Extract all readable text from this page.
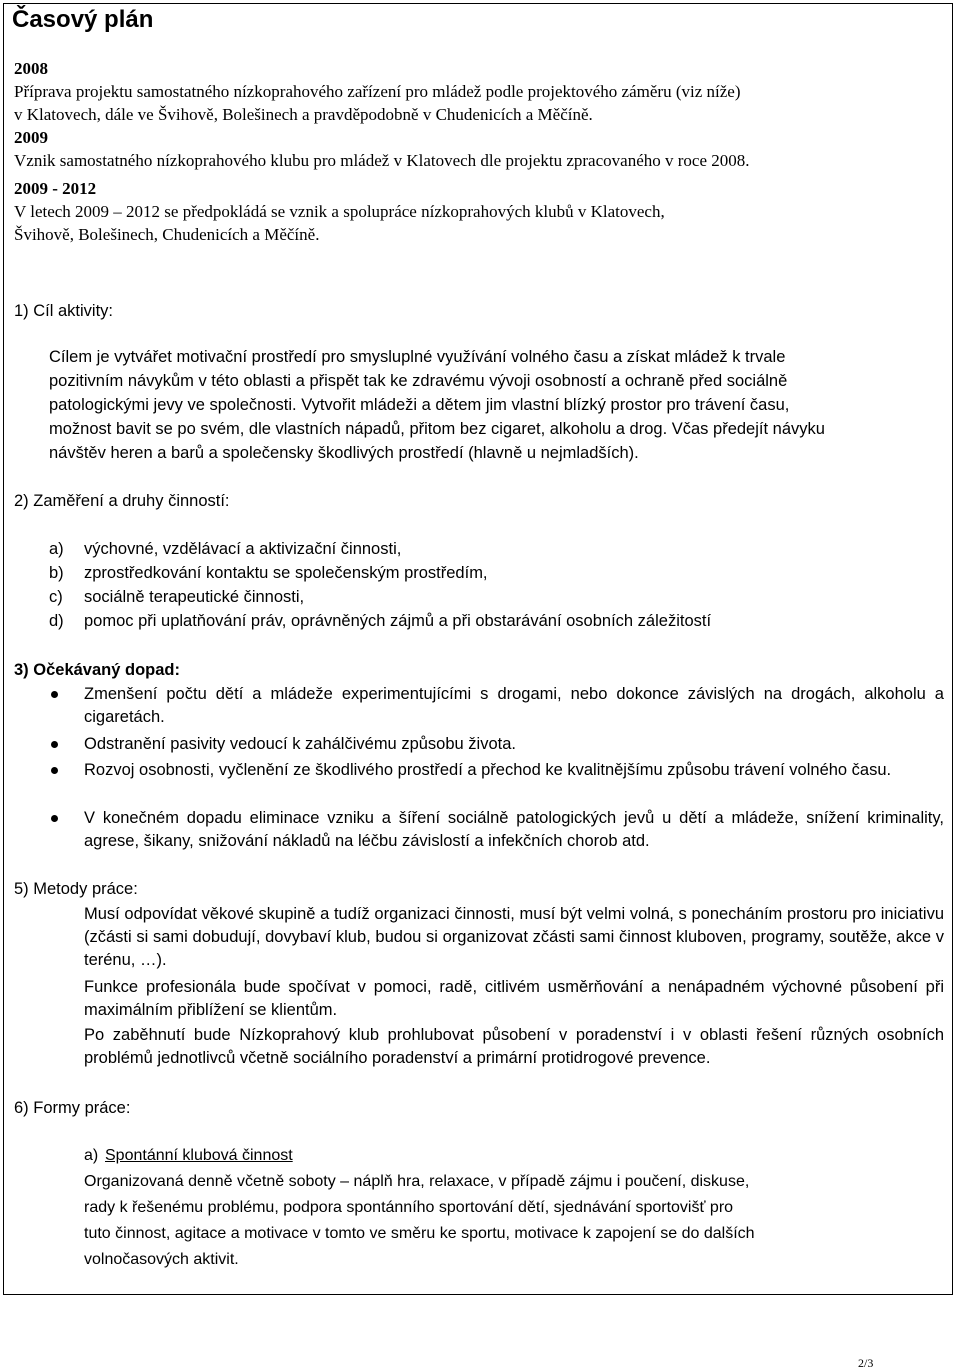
Časový plán
2008
Příprava projektu samostatného nízkoprahového zařízení pro mládež podle projektového záměru (viz níže)
v Klatovech, dále ve Švihově, Bolešinech a pravděpodobně v Chudenicích a Měčíně.
2009
Vznik samostatného nízkoprahového klubu pro mládež v Klatovech dle projektu zpracovaného v roce 2008.
2009 - 2012
V letech 2009 – 2012 se předpokládá se vznik a spolupráce nízkoprahových klubů v Klatovech,
Švihově, Bolešinech, Chudenicích a Měčíně.
1) Cíl aktivity:
Cílem je vytvářet motivační prostředí pro smysluplné využívání volného času a získat mládež k trvale
pozitivním návykům v této oblasti a přispět tak ke zdravému vývoji osobností a ochraně před sociálně
patologickými jevy ve společnosti. Vytvořit mládeži a dětem jim vlastní blízký prostor pro trávení času,
možnost bavit se po svém, dle vlastních nápadů, přitom bez cigaret, alkoholu a drog. Včas předejít návyku
návštěv heren a barů a společensky škodlivých prostředí (hlavně u nejmladších).
2) Zaměření a druhy činností:
a) výchovné, vzdělávací a aktivizační činnosti,
b) zprostředkování kontaktu se společenským prostředím,
c) sociálně terapeutické činnosti,
d) pomoc při uplatňování práv, oprávněných zájmů a při obstarávání osobních záležitostí
3) Očekávaný dopad:
Zmenšení počtu dětí a mládeže experimentujícími s drogami, nebo dokonce závislých na drogách, alkoholu a cigaretách.
Odstranění pasivity vedoucí k zahálčivému způsobu života.
Rozvoj osobnosti, vyčlenění ze škodlivého prostředí a přechod ke kvalitnějšímu způsobu trávení volného času.
V konečném dopadu eliminace vzniku a šíření sociálně patologických jevů u dětí a mládeže, snížení kriminality, agrese, šikany, snižování nákladů na léčbu závislostí a infekčních chorob atd.
5) Metody práce:
Musí odpovídat věkové skupině a tudíž organizaci činnosti, musí být velmi volná, s ponecháním prostoru pro iniciativu (zčásti si sami dobudují, dovybaví klub, budou si organizovat zčásti sami činnost kluboven, programy, soutěže, akce v terénu, …).
Funkce profesionála bude spočívat v pomoci, radě, citlivém usměrňování a nenápadném výchovné působení při maximálním přiblížení se klientům.
Po zaběhnutí bude Nízkoprahový klub prohlubovat působení v poradenství i v oblasti řešení různých osobních problémů jednotlivců včetně sociálního poradenství a primární protidrogové prevence.
6) Formy práce:
a) Spontánní klubová činnost
Organizovaná denně včetně soboty – náplň hra, relaxace, v případě zájmu i poučení, diskuse,
rady k řešenému problému, podpora spontánního sportování dětí, sjednávání sportovišť pro
tuto činnost, agitace a motivace v tomto ve směru ke sportu, motivace k zapojení se do dalších
volnočasových aktivit.
2/3
